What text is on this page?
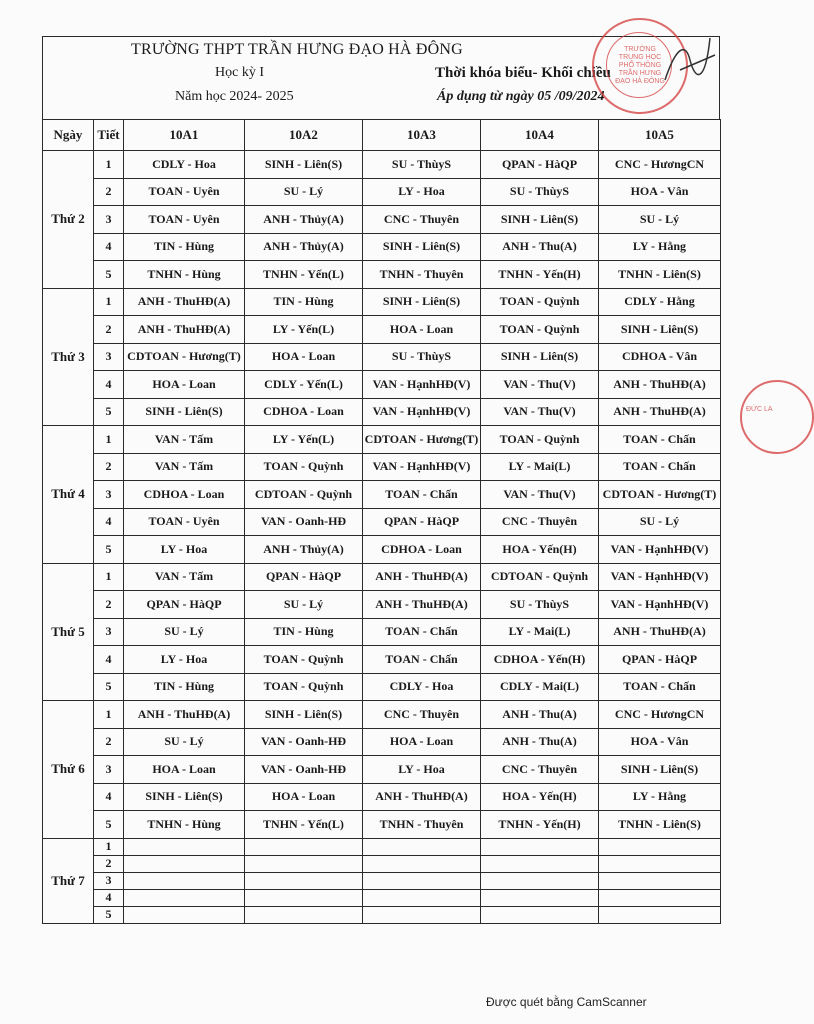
TRƯỜNG THPT TRẦN HƯNG ĐẠO HÀ ĐÔNG
Học kỳ I
Năm học 2024- 2025
Thời khóa biểu- Khối chiều
Áp dụng từ ngày 05 /09/2024
Ngày	Tiết	10A1	10A2	10A3	10A4	10A5
Thứ 2	1	CDLY - Hoa	SINH - Liên(S)	SU - ThùyS	QPAN - HàQP	CNC - HươngCN
	2	TOAN - Uyên	SU - Lý	LY - Hoa	SU - ThùyS	HOA - Vân
	3	TOAN - Uyên	ANH - Thủy(A)	CNC - Thuyên	SINH - Liên(S)	SU - Lý
	4	TIN - Hùng	ANH - Thủy(A)	SINH - Liên(S)	ANH - Thu(A)	LY - Hằng
	5	TNHN - Hùng	TNHN - Yến(L)	TNHN - Thuyên	TNHN - Yến(H)	TNHN - Liên(S)
Thứ 3	1	ANH - ThuHĐ(A)	TIN - Hùng	SINH - Liên(S)	TOAN - Quỳnh	CDLY - Hằng
	2	ANH - ThuHĐ(A)	LY - Yến(L)	HOA - Loan	TOAN - Quỳnh	SINH - Liên(S)
	3	CDTOAN - Hương(T)	HOA - Loan	SU - ThùyS	SINH - Liên(S)	CDHOA - Vân
	4	HOA - Loan	CDLY - Yến(L)	VAN - HạnhHĐ(V)	VAN - Thu(V)	ANH - ThuHĐ(A)
	5	SINH - Liên(S)	CDHOA - Loan	VAN - HạnhHĐ(V)	VAN - Thu(V)	ANH - ThuHĐ(A)
Thứ 4	1	VAN - Tấm	LY - Yến(L)	CDTOAN - Hương(T)	TOAN - Quỳnh	TOAN - Chấn
	2	VAN - Tấm	TOAN - Quỳnh	VAN - HạnhHĐ(V)	LY - Mai(L)	TOAN - Chấn
	3	CDHOA - Loan	CDTOAN - Quỳnh	TOAN - Chấn	VAN - Thu(V)	CDTOAN - Hương(T)
	4	TOAN - Uyên	VAN - Oanh-HĐ	QPAN - HàQP	CNC - Thuyên	SU - Lý
	5	LY - Hoa	ANH - Thủy(A)	CDHOA - Loan	HOA - Yến(H)	VAN - HạnhHĐ(V)
Thứ 5	1	VAN - Tấm	QPAN - HàQP	ANH - ThuHĐ(A)	CDTOAN - Quỳnh	VAN - HạnhHĐ(V)
	2	QPAN - HàQP	SU - Lý	ANH - ThuHĐ(A)	SU - ThùyS	VAN - HạnhHĐ(V)
	3	SU - Lý	TIN - Hùng	TOAN - Chấn	LY - Mai(L)	ANH - ThuHĐ(A)
	4	LY - Hoa	TOAN - Quỳnh	TOAN - Chấn	CDHOA - Yến(H)	QPAN - HàQP
	5	TIN - Hùng	TOAN - Quỳnh	CDLY - Hoa	CDLY - Mai(L)	TOAN - Chấn
Thứ 6	1	ANH - ThuHĐ(A)	SINH - Liên(S)	CNC - Thuyên	ANH - Thu(A)	CNC - HươngCN
	2	SU - Lý	VAN - Oanh-HĐ	HOA - Loan	ANH - Thu(A)	HOA - Vân
	3	HOA - Loan	VAN - Oanh-HĐ	LY - Hoa	CNC - Thuyên	SINH - Liên(S)
	4	SINH - Liên(S)	HOA - Loan	ANH - ThuHĐ(A)	HOA - Yến(H)	LY - Hằng
	5	TNHN - Hùng	TNHN - Yến(L)	TNHN - Thuyên	TNHN - Yến(H)	TNHN - Liên(S)
Thứ 7	1					
	2					
	3					
	4					
	5					
TRƯỜNG TRUNG HỌC PHỔ THÔNG TRẦN HƯNG ĐẠO HÀ ĐÔNG
ĐỨC LA
Được quét bằng CamScanner
